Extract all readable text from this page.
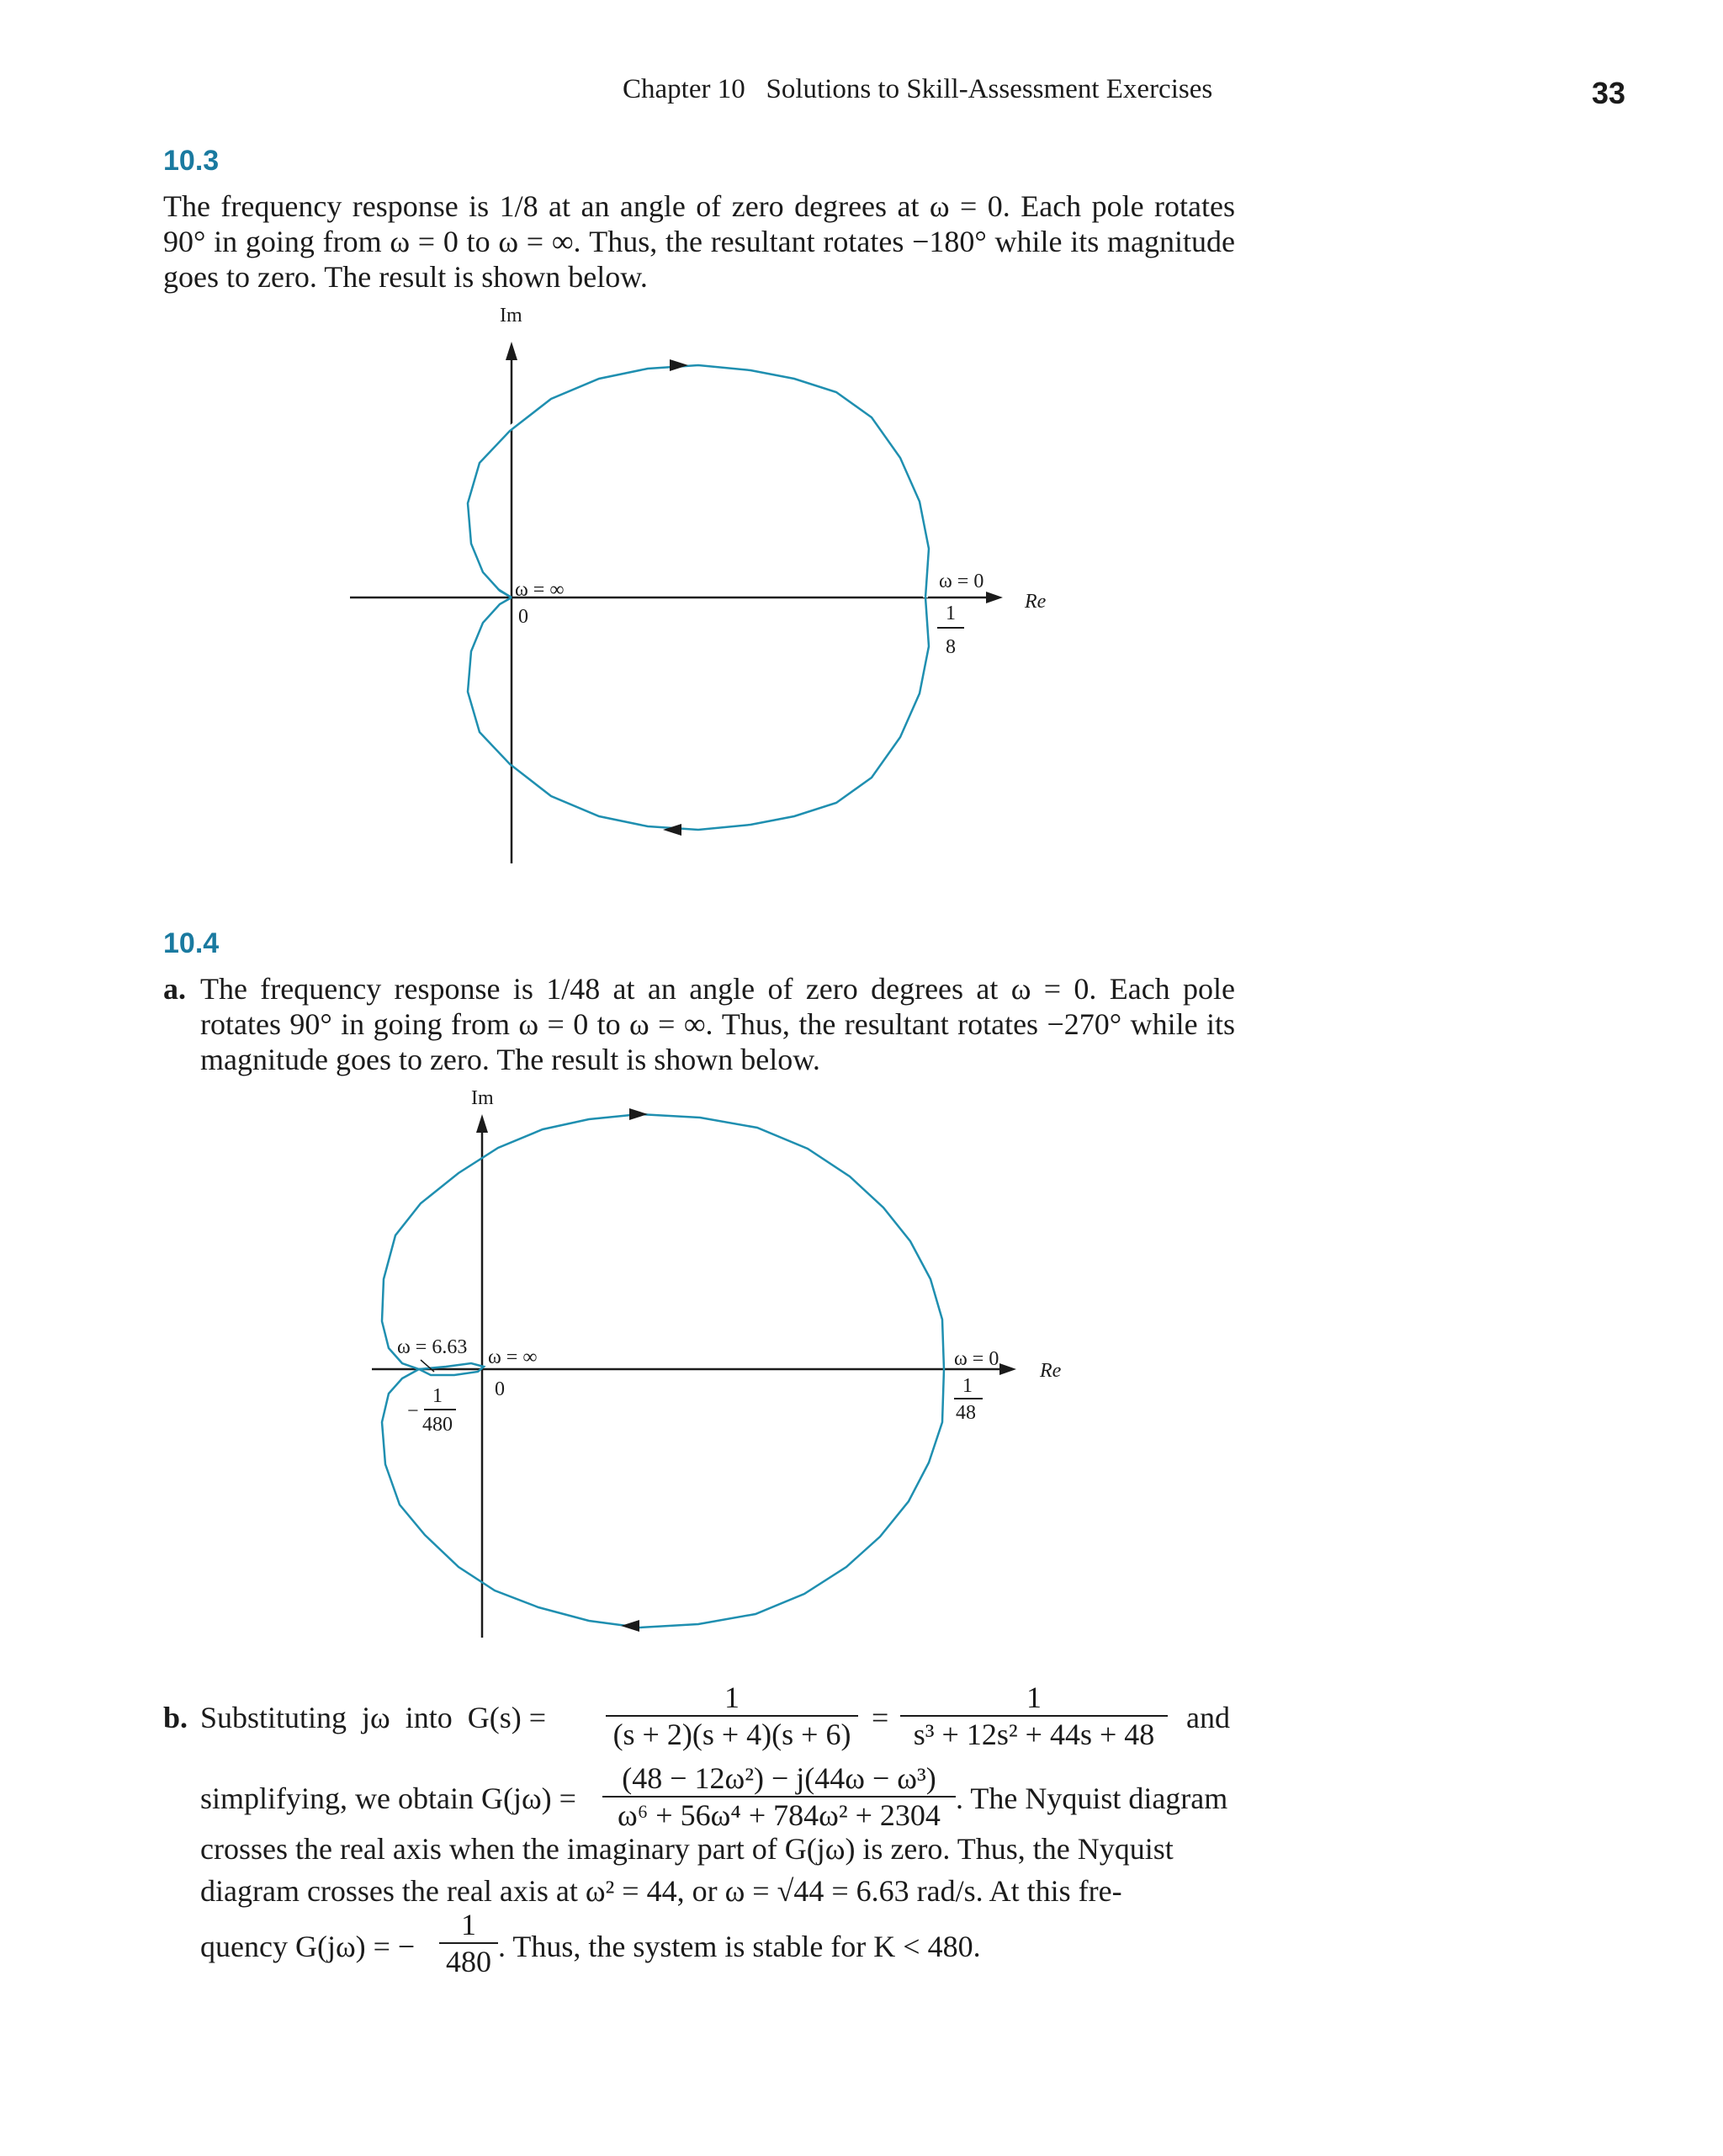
Chapter 10   Solutions to Skill-Assessment Exercises	33
10.3
The frequency response is 1/8 at an angle of zero degrees at ω = 0. Each pole rotates 90° in going from ω = 0 to ω = ∞. Thus, the resultant rotates −180° while its magnitude goes to zero. The result is shown below.
Im
Re
ω = ∞
0
ω = 0
1
8
10.4
a. The frequency response is 1/48 at an angle of zero degrees at ω = 0. Each pole rotates 90° in going from ω = 0 to ω = ∞. Thus, the resultant rotates −270° while its magnitude goes to zero. The result is shown below.
Im
Re
ω = 6.63 ω = ∞
0
−
1
480
ω = 0
1
48
b. Substituting  jω  into  $G(s) = \frac{1}{(s + 2)(s + 4)(s + 6)} = \frac{1}{\text{s³ + 12s² + 44s + 48}}$ and
simplifying, we obtain $G(j\omega) = \frac{\text{(48 − 12ω²) − j(44ω − ω³)}}{\text{ω⁶ + 56ω⁴ + 784ω² + 2304}}$ . The Nyquist diagram
crosses the real axis when the imaginary part of G(jω) is zero. Thus, the Nyquist
diagram crosses the real axis at ω² = 44, or ω = √44 = 6.63 rad/s. At this fre-
quency G(jω) = − $\frac{1}{480}$ . Thus, the system is stable for K < 480.
